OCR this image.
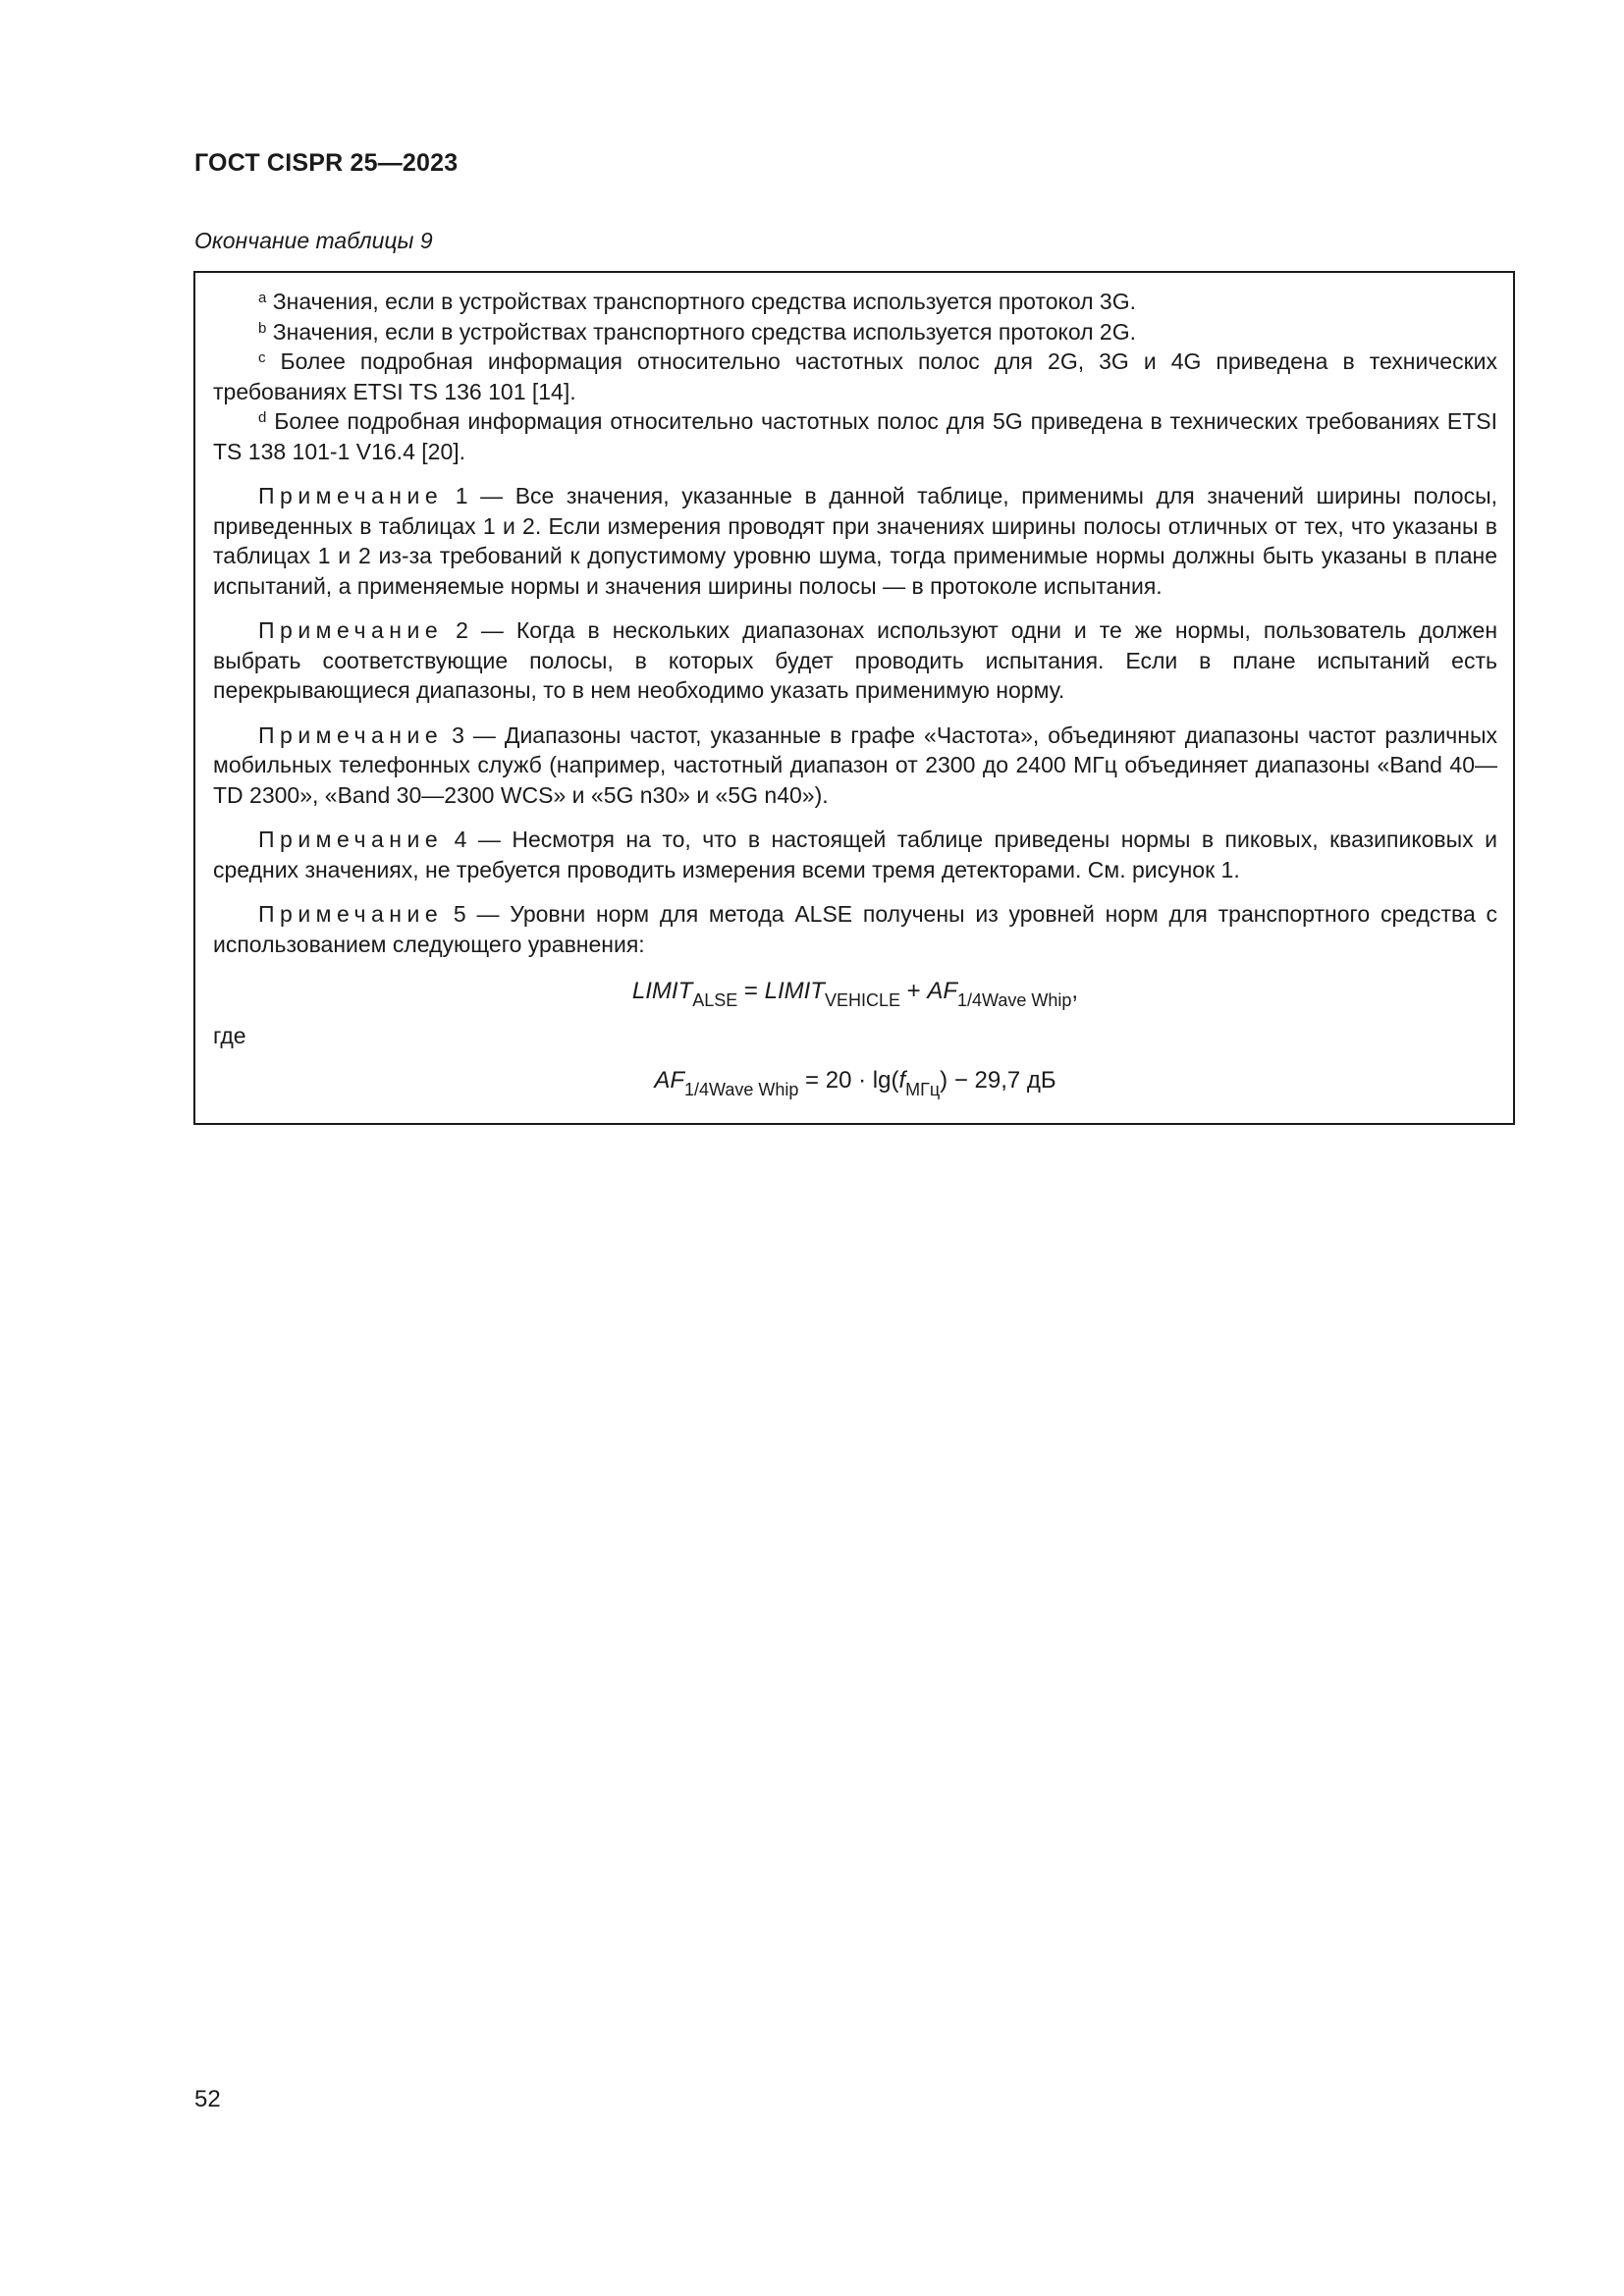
ГОСТ CISPR 25—2023
Окончание таблицы 9

$^a$ Значения, если в устройствах транспортного средства используется протокол 3G.

$^b$ Значения, если в устройствах транспортного средства используется протокол 2G.

$^c$ Более подробная информация относительно частотных полос для 2G, 3G и 4G приведена в технических требованиях ETSI TS 136 101 [14].

$^d$ Более подробная информация относительно частотных полос для 5G приведена в технических требованиях ETSI TS 138 101-1 V16.4 [20].

Примечание 1 — Все значения, указанные в данной таблице, применимы для значений ширины полосы, приведенных в таблицах 1 и 2. Если измерения проводят при значениях ширины полосы отличных от тех, что указаны в таблицах 1 и 2 из-за требований к допустимому уровню шума, тогда применимые нормы должны быть указаны в плане испытаний, а применяемые нормы и значения ширины полосы — в протоколе испытания.

Примечание 2 — Когда в нескольких диапазонах используют одни и те же нормы, пользователь должен выбрать соответствующие полосы, в которых будет проводить испытания. Если в плане испытаний есть перекрывающиеся диапазоны, то в нем необходимо указать применимую норму.

Примечание 3 — Диапазоны частот, указанные в графе «Частота», объединяют диапазоны частот различных мобильных телефонных служб (например, частотный диапазон от 2300 до 2400 МГц объединяет диапазоны «Band 40—TD 2300», «Band 30—2300 WCS» и «5G n30» и «5G n40»).

Примечание 4 — Несмотря на то, что в настоящей таблице приведены нормы в пиковых, квазипиковых и средних значениях, не требуется проводить измерения всеми тремя детекторами. См. рисунок 1.

Примечание 5 — Уровни норм для метода ALSE получены из уровней норм для транспортного средства с использованием следующего уравнения:

$LIMIT_{ALSE}$ = $LIMIT_{VEHICLE} + AF_{1/4Wave Whip}$,

где

$AF_{1/4Wave Whip} = 20 \cdot \lg(f_{МГц}) - 29,7$ дБ

52
